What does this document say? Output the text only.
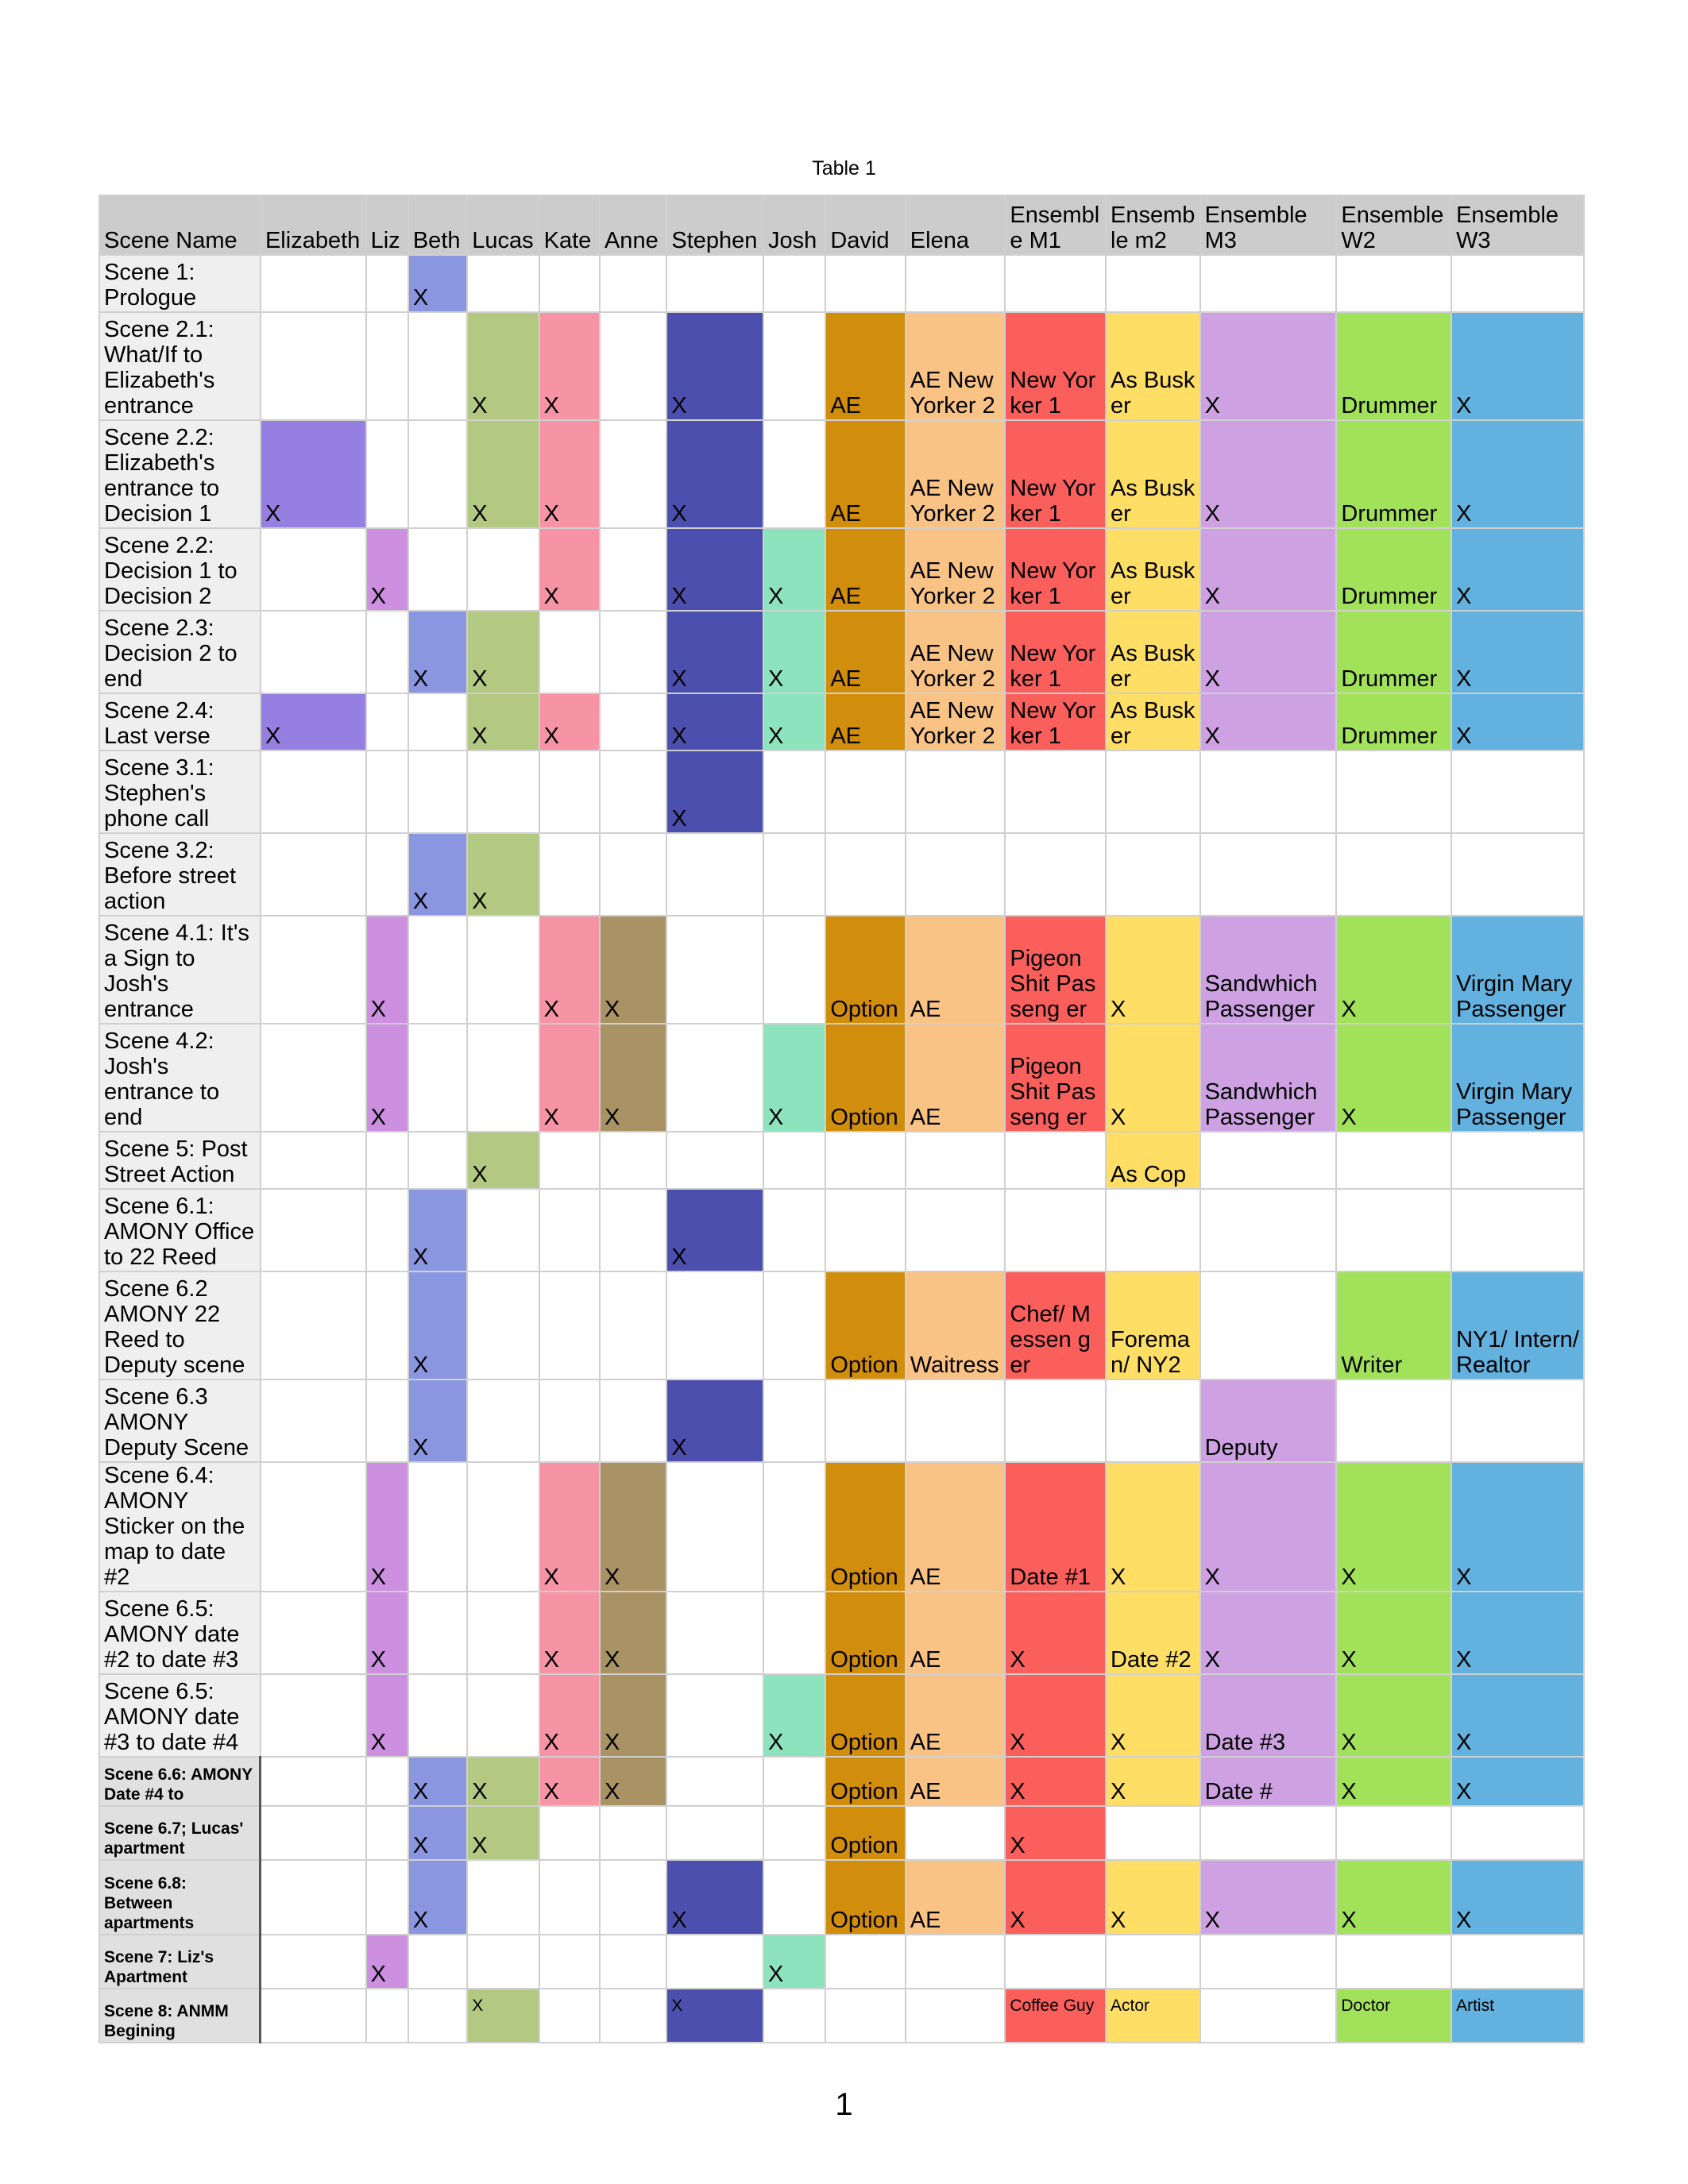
Table 1
Scene Name	Elizabeth	Liz	Beth	Lucas	Kate	Anne	Stephen	Josh	David	Elena	Ensembl e M1	Ensemb le m2	Ensemble M3	Ensemble W2	Ensemble W3
Scene 1: Prologue			X												
Scene 2.1: What/If to Elizabeth's entrance				X	X		X		AE	AE New Yorker 2	New Yorker 1	As Busker	X	Drummer	X
Scene 2.2: Elizabeth's entrance to Decision 1	X			X	X		X		AE	AE New Yorker 2	New Yorker 1	As Busker	X	Drummer	X
Scene 2.2: Decision 1 to Decision 2		X			X		X	X	AE	AE New Yorker 2	New Yorker 1	As Busker	X	Drummer	X
Scene 2.3: Decision 2 to end			X	X			X	X	AE	AE New Yorker 2	New Yorker 1	As Busker	X	Drummer	X
Scene 2.4: Last verse	X			X	X		X	X	AE	AE New Yorker 2	New Yorker 1	As Busker	X	Drummer	X
Scene 3.1: Stephen's phone call							X								
Scene 3.2: Before street action			X	X											
Scene 4.1: It's a Sign to Josh's entrance		X			X	X			Option	AE	Pigeon Shit Passeng er	X	Sandwhich Passenger	X	Virgin Mary Passenger
Scene 4.2: Josh's entrance to end		X			X	X		X	Option	AE	Pigeon Shit Passeng er	X	Sandwhich Passenger	X	Virgin Mary Passenger
Scene 5: Post Street Action				X								As Cop			
Scene 6.1: AMONY Office to 22 Reed			X				X								
Scene 6.2 AMONY 22 Reed to Deputy scene			X						Option	Waitress	Chef/ Messen ger	Forema n/ NY2		Writer	NY1/ Intern/ Realtor
Scene 6.3 AMONY Deputy Scene			X				X						Deputy		
Scene 6.4: AMONY Sticker on the map to date #2		X			X	X			Option	AE	Date #1	X	X	X	X
Scene 6.5: AMONY date #2 to date #3		X			X	X			Option	AE	X	Date #2	X	X	X
Scene 6.5: AMONY date #3 to date #4		X			X	X		X	Option	AE	X	X	Date #3	X	X
Scene 6.6: AMONY Date #4 to			X	X	X	X			Option	AE	X	X	Date #	X	X
Scene 6.7; Lucas' apartment			X	X					Option		X				
Scene 6.8: Between apartments			X				X		Option	AE	X	X	X	X	X
Scene 7: Liz's Apartment		X						X							
Scene 8: ANMM Begining				X			X				Coffee Guy	Actor		Doctor	Artist
1
